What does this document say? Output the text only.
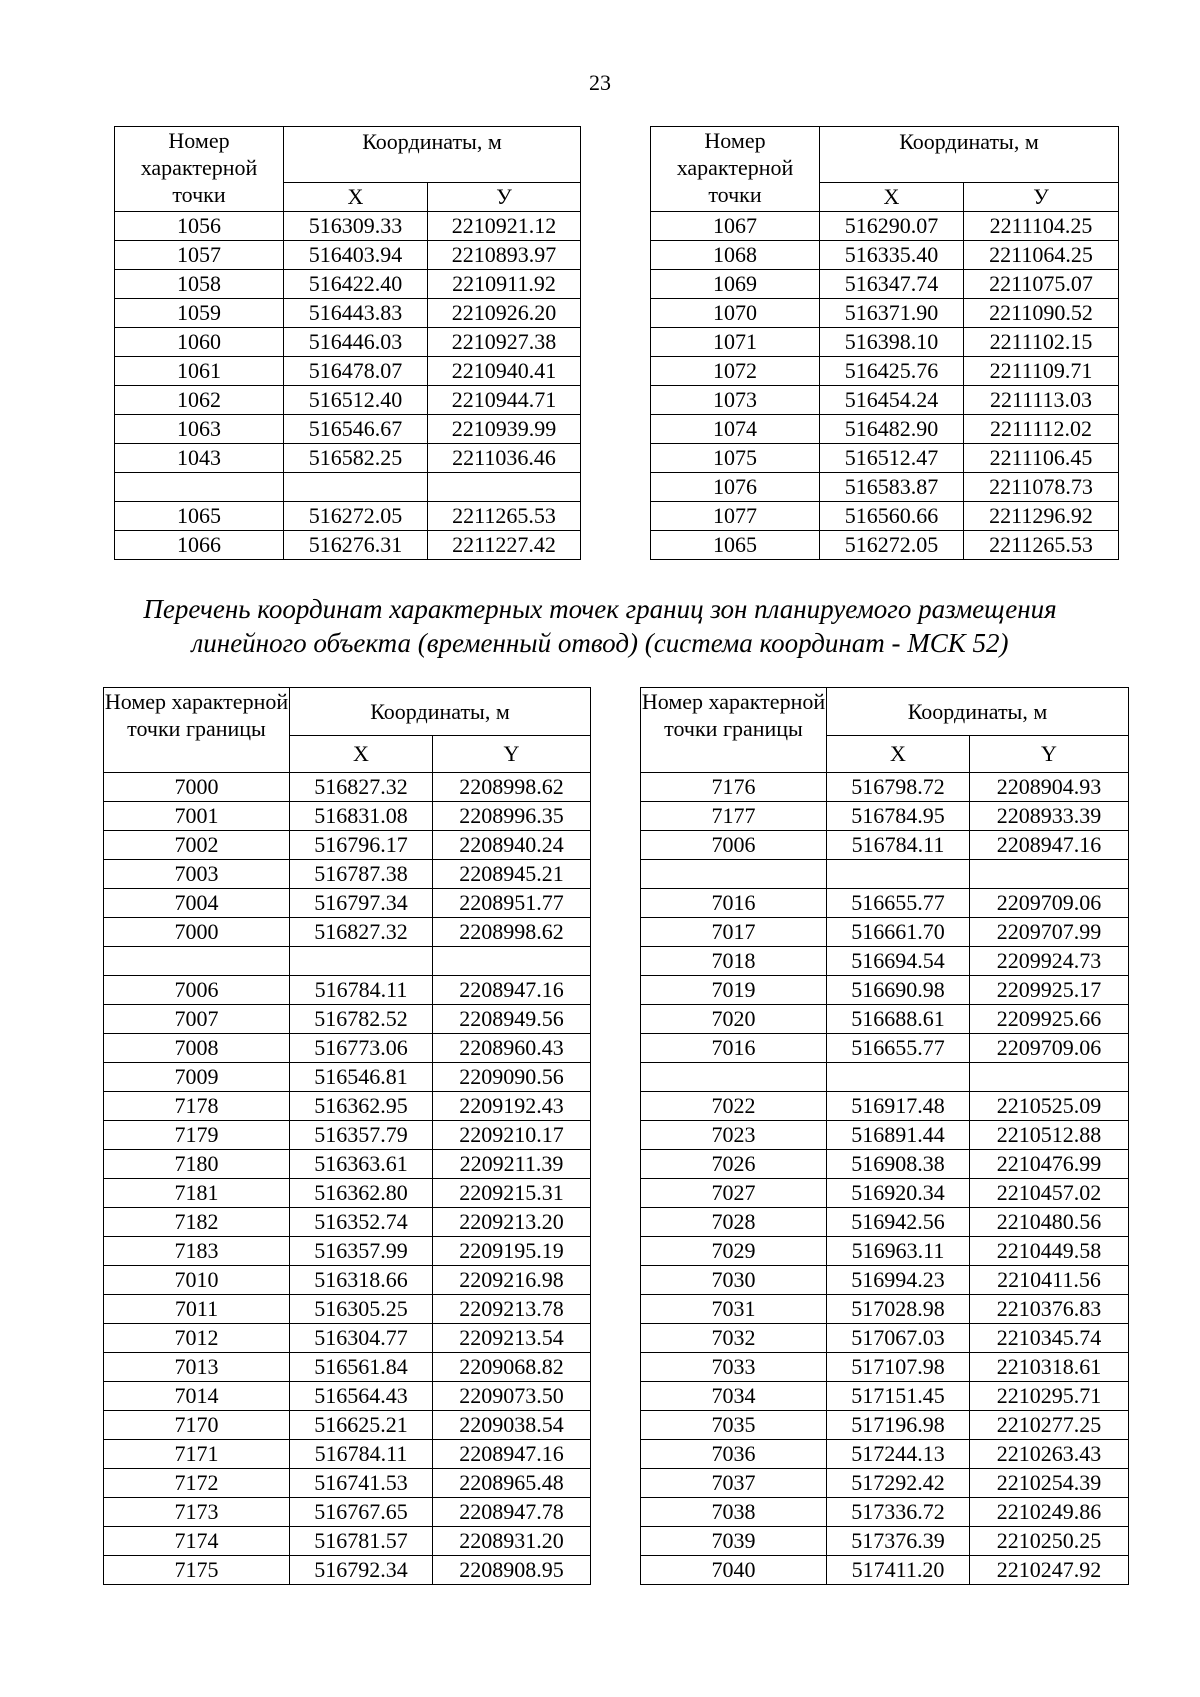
23
Номер характерной точки	Координаты, м	
	X	У
1056	516309.33	2210921.12
1057	516403.94	2210893.97
1058	516422.40	2210911.92
1059	516443.83	2210926.20
1060	516446.03	2210927.38
1061	516478.07	2210940.41
1062	516512.40	2210944.71
1063	516546.67	2210939.99
1043	516582.25	2211036.46

1065	516272.05	2211265.53
1066	516276.31	2211227.42
Номер характерной точки	Координаты, м	
	X	У
1067	516290.07	2211104.25
1068	516335.40	2211064.25
1069	516347.74	2211075.07
1070	516371.90	2211090.52
1071	516398.10	2211102.15
1072	516425.76	2211109.71
1073	516454.24	2211113.03
1074	516482.90	2211112.02
1075	516512.47	2211106.45
1076	516583.87	2211078.73
1077	516560.66	2211296.92
1065	516272.05	2211265.53
Перечень координат характерных точек границ зон планируемого размещения
линейного объекта (временный отвод) (система координат - МСК 52)
Номер характерной точки границы	Координаты, м	
	X	Y
7000	516827.32	2208998.62
7001	516831.08	2208996.35
7002	516796.17	2208940.24
7003	516787.38	2208945.21
7004	516797.34	2208951.77
7000	516827.32	2208998.62

7006	516784.11	2208947.16
7007	516782.52	2208949.56
7008	516773.06	2208960.43
7009	516546.81	2209090.56
7178	516362.95	2209192.43
7179	516357.79	2209210.17
7180	516363.61	2209211.39
7181	516362.80	2209215.31
7182	516352.74	2209213.20
7183	516357.99	2209195.19
7010	516318.66	2209216.98
7011	516305.25	2209213.78
7012	516304.77	2209213.54
7013	516561.84	2209068.82
7014	516564.43	2209073.50
7170	516625.21	2209038.54
7171	516784.11	2208947.16
7172	516741.53	2208965.48
7173	516767.65	2208947.78
7174	516781.57	2208931.20
7175	516792.34	2208908.95
Номер характерной точки границы	Координаты, м	
	X	Y
7176	516798.72	2208904.93
7177	516784.95	2208933.39
7006	516784.11	2208947.16

7016	516655.77	2209709.06
7017	516661.70	2209707.99
7018	516694.54	2209924.73
7019	516690.98	2209925.17
7020	516688.61	2209925.66
7016	516655.77	2209709.06

7022	516917.48	2210525.09
7023	516891.44	2210512.88
7026	516908.38	2210476.99
7027	516920.34	2210457.02
7028	516942.56	2210480.56
7029	516963.11	2210449.58
7030	516994.23	2210411.56
7031	517028.98	2210376.83
7032	517067.03	2210345.74
7033	517107.98	2210318.61
7034	517151.45	2210295.71
7035	517196.98	2210277.25
7036	517244.13	2210263.43
7037	517292.42	2210254.39
7038	517336.72	2210249.86
7039	517376.39	2210250.25
7040	517411.20	2210247.92
